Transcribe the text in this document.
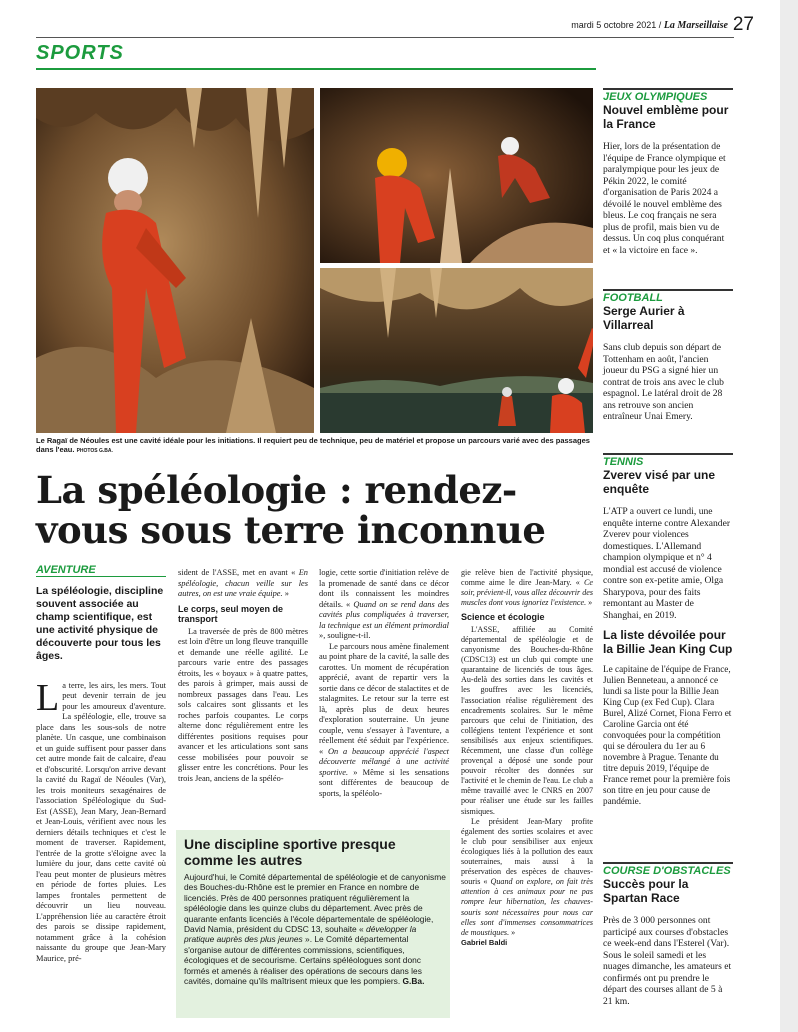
27
mardi 5 octobre 2021 / La Marseillaise
SPORTS
Le Ragaï de Néoules est une cavité idéale pour les initiations. Il requiert peu de technique, peu de matériel et propose un parcours varié avec des passages dans l'eau. PHOTOS G.BA.
La spéléologie : rendez-vous sous terre inconnue
AVENTURE

La spéléologie, discipline souvent associée au champ scientifique, est une activité physique de découverte pour tous les âges.

La terre, les airs, les mers. Tout peut devenir terrain de jeu pour les amoureux d'aventure. La spéléologie, elle, trouve sa place dans les sous-sols de notre planète. Un casque, une combinaison et un guide suffisent pour passer dans cet autre monde fait de calcaire, d'eau et d'obscurité. Lorsqu'on arrive devant la cavité du Ragaï de Néoules (Var), les trois moniteurs sexagénaires de l'association Spéléologique du Sud-Est (ASSE), Jean Mary, Jean-Bernard et Jean-Louis, vérifient avec nous les derniers détails techniques et c'est le moment de traverser. Rapidement, l'entrée de la grotte s'éloigne avec la lumière du jour, dans cette cavité où l'eau peut monter de plusieurs mètres en période de fortes pluies. Les lampes frontales permettent de découvrir un lieu nouveau. L'appréhension liée au caractère étroit des parois se dissipe rapidement, notamment grâce à la cohésion naissante du groupe que Jean-Mary Maurice, pré-

sident de l'ASSE, met en avant « En spéléologie, chacun veille sur les autres, on est une vraie équipe. »

Le corps, seul moyen de transport

La traversée de près de 800 mètres est loin d'être un long fleuve tranquille et demande une réelle agilité. Le parcours varie entre des passages étroits, les « boyaux » à quatre pattes, des parois à grimper, mais aussi de nombreux passages dans l'eau. Les sols calcaires sont glissants et les roches parfois coupantes. Le corps alterne donc régulièrement entre les différentes positions requises pour avancer et les articulations sont sans cesse mobilisées pour pouvoir se glisser entre les concrétions. Pour les trois Jean, anciens de la spéléo-

logie, cette sortie d'initiation relève de la promenade de santé dans ce décor dont ils connaissent les moindres détails. « Quand on se rend dans des cavités plus compliquées à traverser, la technique est un élément primordial », souligne-t-il.

Le parcours nous amène finalement au point phare de la cavité, la salle des carottes. Un moment de récupération apprécié, avant de repartir vers la sortie dans ce décor de stalactites et de stalagmites. Le retour sur la terre est là, après plus de deux heures d'exploration souterraine. Un jeune couple, venu s'essayer à l'aventure, a réellement été séduit par l'expérience. « On a beaucoup apprécié l'aspect découverte mélangé à une activité sportive. » Même si les sensations sont différentes de beaucoup de sports, la spéléolo-

gie relève bien de l'activité physique, comme aime le dire Jean-Mary. « Ce soir, prévient-il, vous allez découvrir des muscles dont vous ignoriez l'existence. »

Science et écologie

L'ASSE, affiliée au Comité départemental de spéléologie et de canyonisme des Bouches-du-Rhône (CDSC13) est un club qui compte une quarantaine de licenciés de tous âges. Au-delà des sorties dans les cavités et les gouffres avec les licenciés, l'association réalise régulièrement des encadrements scolaires. Sur le même parcours que celui de l'initiation, des collégiens tentent l'expérience et sont sensibilisés aux enjeux scientifiques. Récemment, une classe d'un collège provençal a déposé une sonde pour pouvoir récolter des données sur l'activité et le chemin de l'eau. Le club a même travaillé avec le CNRS en 2007 pour réaliser une étude sur les failles sismiques.

Le président Jean-Mary profite également des sorties scolaires et avec le club pour sensibiliser aux enjeux écologiques liés à la pollution des eaux souterraines, mais aussi à la préservation des espèces de chauves-souris « Quand on explore, on fait très attention à ces animaux pour ne pas rompre leur hibernation, les chauves-souris sont nécessaires pour nous car elles sont d'immenses consommatrices de moustiques. »

Gabriel Baldi

Une discipline sportive presque comme les autres
Aujourd'hui, le Comité départemental de spéléologie et de canyonisme des Bouches-du-Rhône est le premier en France en nombre de licenciés. Près de 400 personnes pratiquent régulièrement la spéléologie dans les quinze clubs du département. Avec près de quarante enfants licenciés à l'école départementale de spéléologie, David Namia, président du CDSC 13, souhaite « développer la pratique auprès des plus jeunes ». Le Comité départemental s'organise autour de différentes commissions, scientifiques, écologiques et de secourisme. Certains spéléologues sont donc formés et amenés à réaliser des opérations de secours dans les cavités, domaine qu'ils maîtrisent mieux que les pompiers. G.Ba.
JEUX OLYMPIQUES
Nouvel emblème pour la France
Hier, lors de la présentation de l'équipe de France olympique et paralympique pour les jeux de Pékin 2022, le comité d'organisation de Paris 2024 a dévoilé le nouvel emblème des bleus. Le coq français ne sera plus de profil, mais bien vu de dessus. Un coq plus conquérant et « la victoire en face ».
FOOTBALL
Serge Aurier à Villarreal
Sans club depuis son départ de Tottenham en août, l'ancien joueur du PSG a signé hier un contrat de trois ans avec le club espagnol. Le latéral droit de 28 ans retrouve son ancien entraîneur Unai Emery.
TENNIS
Zverev visé par une enquête
L'ATP a ouvert ce lundi, une enquête interne contre Alexander Zverev pour violences domestiques. L'Allemand champion olympique et n° 4 mondial est accusé de violence contre son ex-petite amie, Olga Sharypova, pour des faits remontant au Master de Shanghai, en 2019.
La liste dévoilée pour la Billie Jean King Cup
Le capitaine de l'équipe de France, Julien Benneteau, a annoncé ce lundi sa liste pour la Billie Jean King Cup (ex Fed Cup). Clara Burel, Alizé Cornet, Fiona Ferro et Caroline Garcia ont été convoquées pour la compétition qui se déroulera du 1er au 6 novembre à Prague. Tenante du titre depuis 2019, l'équipe de France remet pour la première fois son titre en jeu pour cause de pandémie.
COURSE D'OBSTACLES
Succès pour la Spartan Race
Près de 3 000 personnes ont participé aux courses d'obstacles ce week-end dans l'Esterel (Var). Sous le soleil samedi et les nuages dimanche, les amateurs et confirmés ont pu prendre le départ des courses allant de 5 à 21 km.
